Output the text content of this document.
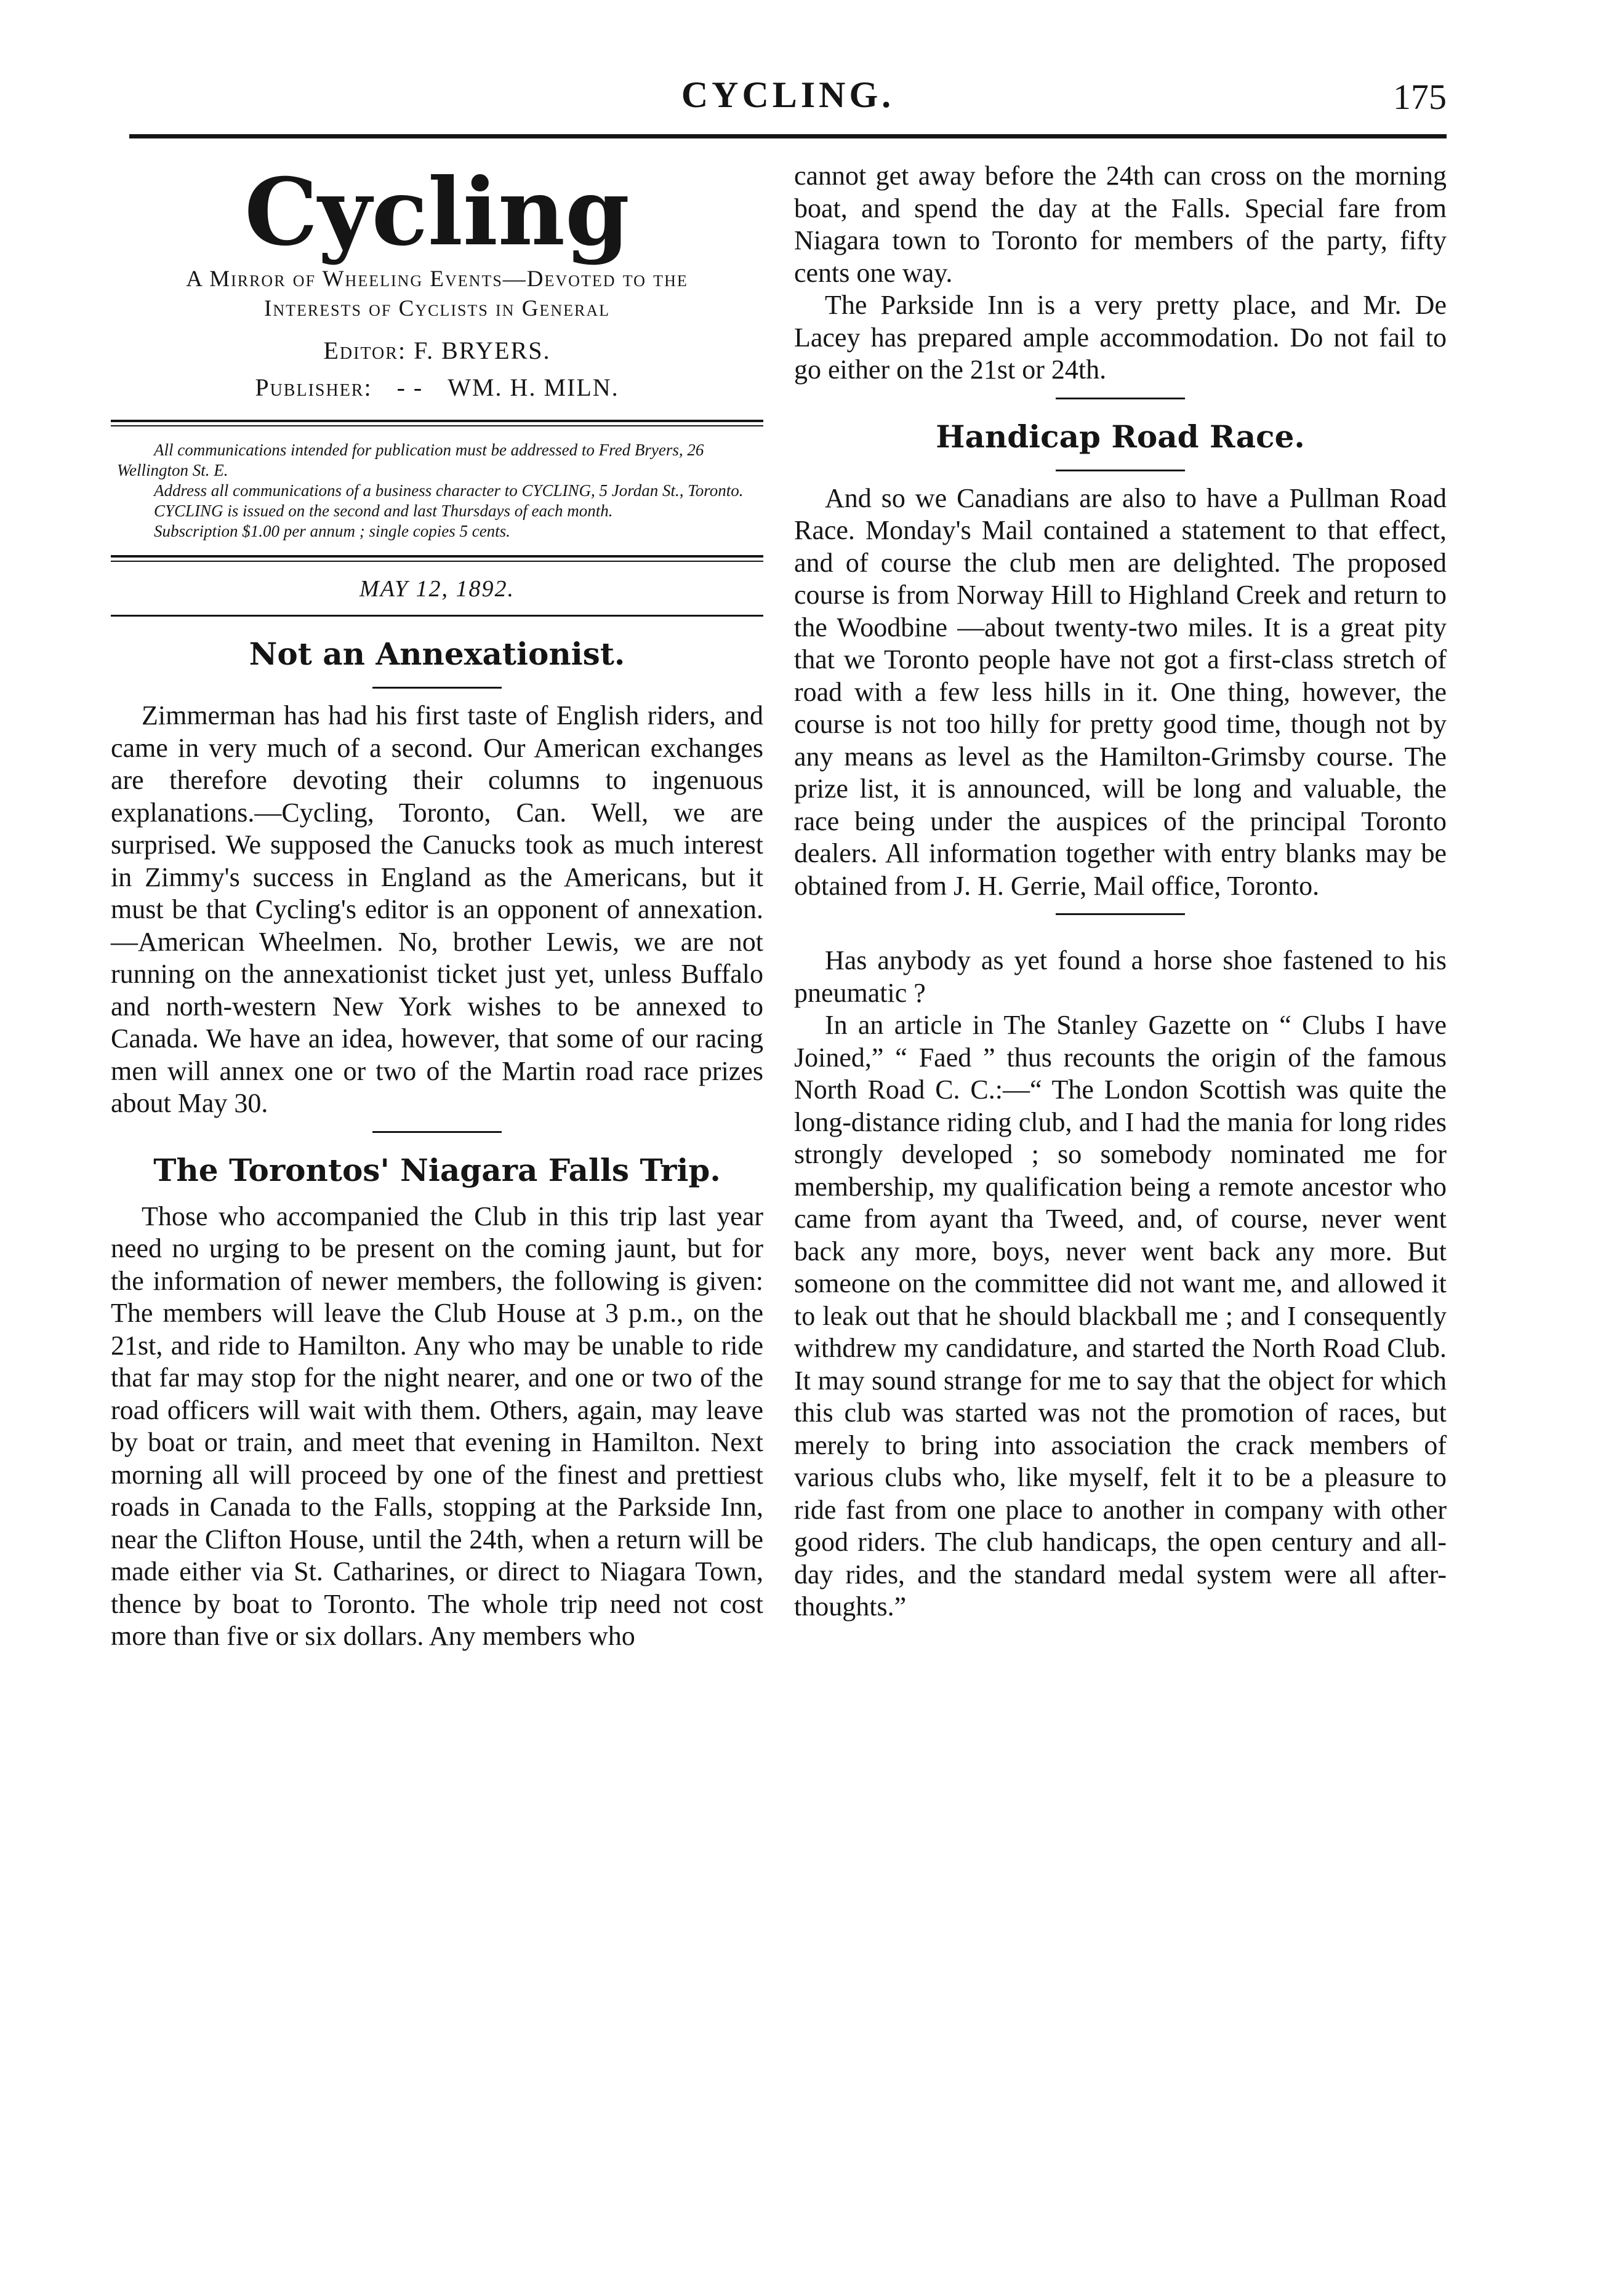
CYCLING.	175
Cycling
A Mirror of Wheeling Events—Devoted to the Interests of Cyclists in General
Editor: F. BRYERS.
Publisher: - - WM. H. MILN.

All communications intended for publication must be addressed to Fred Bryers, 26 Wellington St. E.

Address all communications of a business character to CYCLING, 5 Jordan St., Toronto.

CYCLING is issued on the second and last Thursdays of each month.

Subscription $1.00 per annum ; single copies 5 cents.

MAY 12, 1892.
Not an Annexationist.

Zimmerman has had his first taste of English riders, and came in very much of a second. Our American exchanges are therefore devoting their columns to ingenuous explanations.—Cycling, Toronto, Can. Well, we are surprised. We supposed the Canucks took as much interest in Zimmy's success in England as the Americans, but it must be that Cycling's editor is an opponent of annexation.—American Wheelmen. No, brother Lewis, we are not running on the annexationist ticket just yet, unless Buffalo and north-western New York wishes to be annexed to Canada. We have an idea, however, that some of our racing men will annex one or two of the Martin road race prizes about May 30.

The Torontos' Niagara Falls Trip.

Those who accompanied the Club in this trip last year need no urging to be present on the coming jaunt, but for the information of newer members, the following is given: The members will leave the Club House at 3 p.m., on the 21st, and ride to Hamilton. Any who may be unable to ride that far may stop for the night nearer, and one or two of the road officers will wait with them. Others, again, may leave by boat or train, and meet that evening in Hamilton. Next morning all will proceed by one of the finest and prettiest roads in Canada to the Falls, stopping at the Parkside Inn, near the Clifton House, until the 24th, when a return will be made either via St. Catharines, or direct to Niagara Town, thence by boat to Toronto. The whole trip need not cost more than five or six dollars. Any members who

cannot get away before the 24th can cross on the morning boat, and spend the day at the Falls. Special fare from Niagara town to Toronto for members of the party, fifty cents one way.

The Parkside Inn is a very pretty place, and Mr. De Lacey has prepared ample accommodation. Do not fail to go either on the 21st or 24th.

Handicap Road Race.

And so we Canadians are also to have a Pullman Road Race. Monday's Mail contained a statement to that effect, and of course the club men are delighted. The proposed course is from Norway Hill to Highland Creek and return to the Woodbine —about twenty-two miles. It is a great pity that we Toronto people have not got a first-class stretch of road with a few less hills in it. One thing, however, the course is not too hilly for pretty good time, though not by any means as level as the Hamilton-Grimsby course. The prize list, it is announced, will be long and valuable, the race being under the auspices of the principal Toronto dealers. All information together with entry blanks may be obtained from J. H. Gerrie, Mail office, Toronto.

Has anybody as yet found a horse shoe fastened to his pneumatic ?

In an article in The Stanley Gazette on “ Clubs I have Joined,” “ Faed ” thus recounts the origin of the famous North Road C. C.:—“ The London Scottish was quite the long-distance riding club, and I had the mania for long rides strongly developed ; so somebody nominated me for membership, my qualification being a remote ancestor who came from ayant tha Tweed, and, of course, never went back any more, boys, never went back any more. But someone on the committee did not want me, and allowed it to leak out that he should blackball me ; and I consequently withdrew my candidature, and started the North Road Club. It may sound strange for me to say that the object for which this club was started was not the promotion of races, but merely to bring into association the crack members of various clubs who, like myself, felt it to be a pleasure to ride fast from one place to another in company with other good riders. The club handicaps, the open century and all-day rides, and the standard medal system were all after-thoughts.”
